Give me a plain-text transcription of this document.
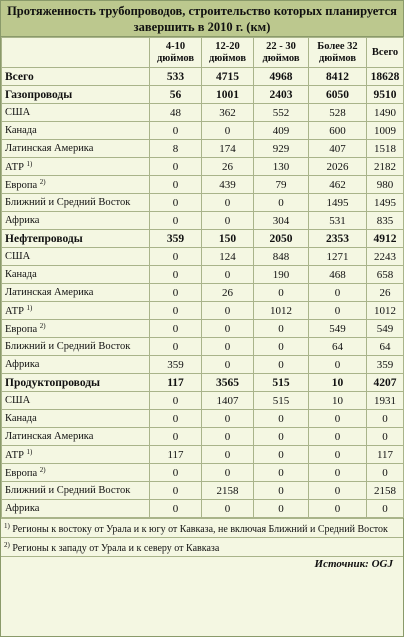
Протяженность трубопроводов, строительство которых планируется завершить в 2010 г. (км)
	4-10 дюймов	12-20 дюймов	22 - 30 дюймов	Более 32 дюймов	Всего
Всего	533	4715	4968	8412	18628
Газопроводы	56	1001	2403	6050	9510
США	48	362	552	528	1490
Канада	0	0	409	600	1009
Латинская Америка	8	174	929	407	1518
АТР $^{1)}$	0	26	130	2026	2182
Европа $^{2)}$	0	439	79	462	980
Ближний и Средний Восток	0	0	0	1495	1495
Африка	0	0	304	531	835
Нефтепроводы	359	150	2050	2353	4912
США	0	124	848	1271	2243
Канада	0	0	190	468	658
Латинская Америка	0	26	0	0	26
АТР $^{1)}$	0	0	1012	0	1012
Европа $^{2)}$	0	0	0	549	549
Ближний и Средний Восток	0	0	0	64	64
Африка	359	0	0	0	359
Продуктопроводы	117	3565	515	10	4207
США	0	1407	515	10	1931
Канада	0	0	0	0	0
Латинская Америка	0	0	0	0	0
АТР $^{1)}$	117	0	0	0	117
Европа $^{2)}$	0	0	0	0	0
Ближний и Средний Восток	0	2158	0	0	2158
Африка	0	0	0	0	0
$^{1)}$ Регионы к востоку от Урала и к югу от Кавказа, не включая Ближний и Средний Восток
$^{2)}$ Регионы к западу от Урала и к северу от Кавказа
Источник: OGJ
